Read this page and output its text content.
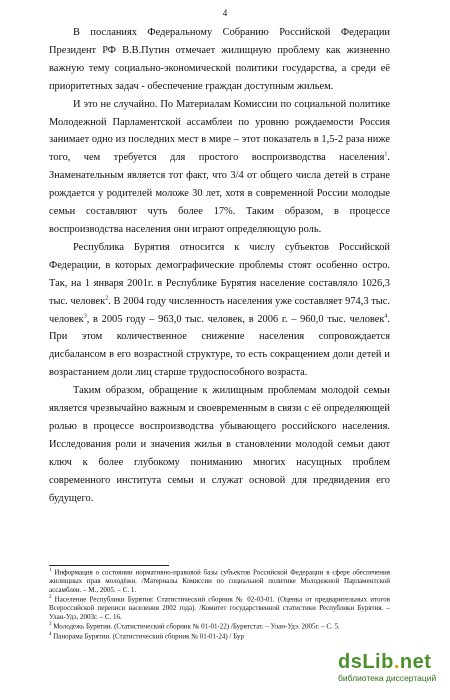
4

В посланиях Федеральному Собранию Российской Федерации Президент РФ В.В.Путин отмечает жилищную проблему как жизненно важную тему социально-экономической политики государства, а среди её приоритетных задач - обеспечение граждан доступным жильем.

И это не случайно. По Материалам Комиссии по социальной политике Молодежной Парламентской ассамблеи по уровню рождаемости Россия занимает одно из последних мест в мире – этот показатель в 1,5-2 раза ниже того, чем требуется для простого воспроизводства населения$^1$. Знаменательным является тот факт, что 3/4 от общего числа детей в стране рождается у родителей моложе 30 лет, хотя в современной России молодые семьи составляют чуть более 17%. Таким образом, в процессе воспроизводства населения они играют определяющую роль.

Республика Бурятия относится к числу субъектов Российской Федерации, в которых демографические проблемы стоят особенно остро. Так, на 1 января 2001г. в Республике Бурятия население составляло 1026,3 тыс. человек$^2$. В 2004 году численность населения уже составляет 974,3 тыс. человек$^3$, в 2005 году – 963,0 тыс. человек, в 2006 г. – 960,0 тыс. человек$^4$. При этом количественное снижение населения сопровождается дисбалансом в его возрастной структуре, то есть сокращением доли детей и возрастанием доли лиц старше трудоспособного возраста.

Таким образом, обращение к жилищным проблемам молодой семьи является чрезвычайно важным и своевременным в связи с её определяющей ролью в процессе воспроизводства убывающего российского населения. Исследования роли и значения жилья в становлении молодой семьи дают ключ к более глубокому пониманию многих насущных проблем современного института семьи и служат основой для предвидения его будущего.

$^1$ Информация о состоянии нормативно-правовой базы субъектов Российской Федерации в сфере обеспечения жилищных прав молодёжи. /Материалы Комиссии по социальной политике Молодежной Парламентской ассамблеи. – М., 2005. – С. 1.

$^2$ Население Республики Бурятия: Статистический сборник № 02-03-01. (Оценка от предварительных итогов Всероссийской переписи населения 2002 года). /Комитет государственной статистики Республики Бурятия. – Улан-Удэ, 2003г. – С. 16.

$^3$ Молодежь Бурятии. (Статистический сборник № 01-01-22) /Бурятстат. – Улан-Удэ. 2005г. – С. 5.

$^4$ Панорама Бурятии. (Статистический сборник № 01-01-24) / Бур

dsLib.net
библиотека диссертаций
